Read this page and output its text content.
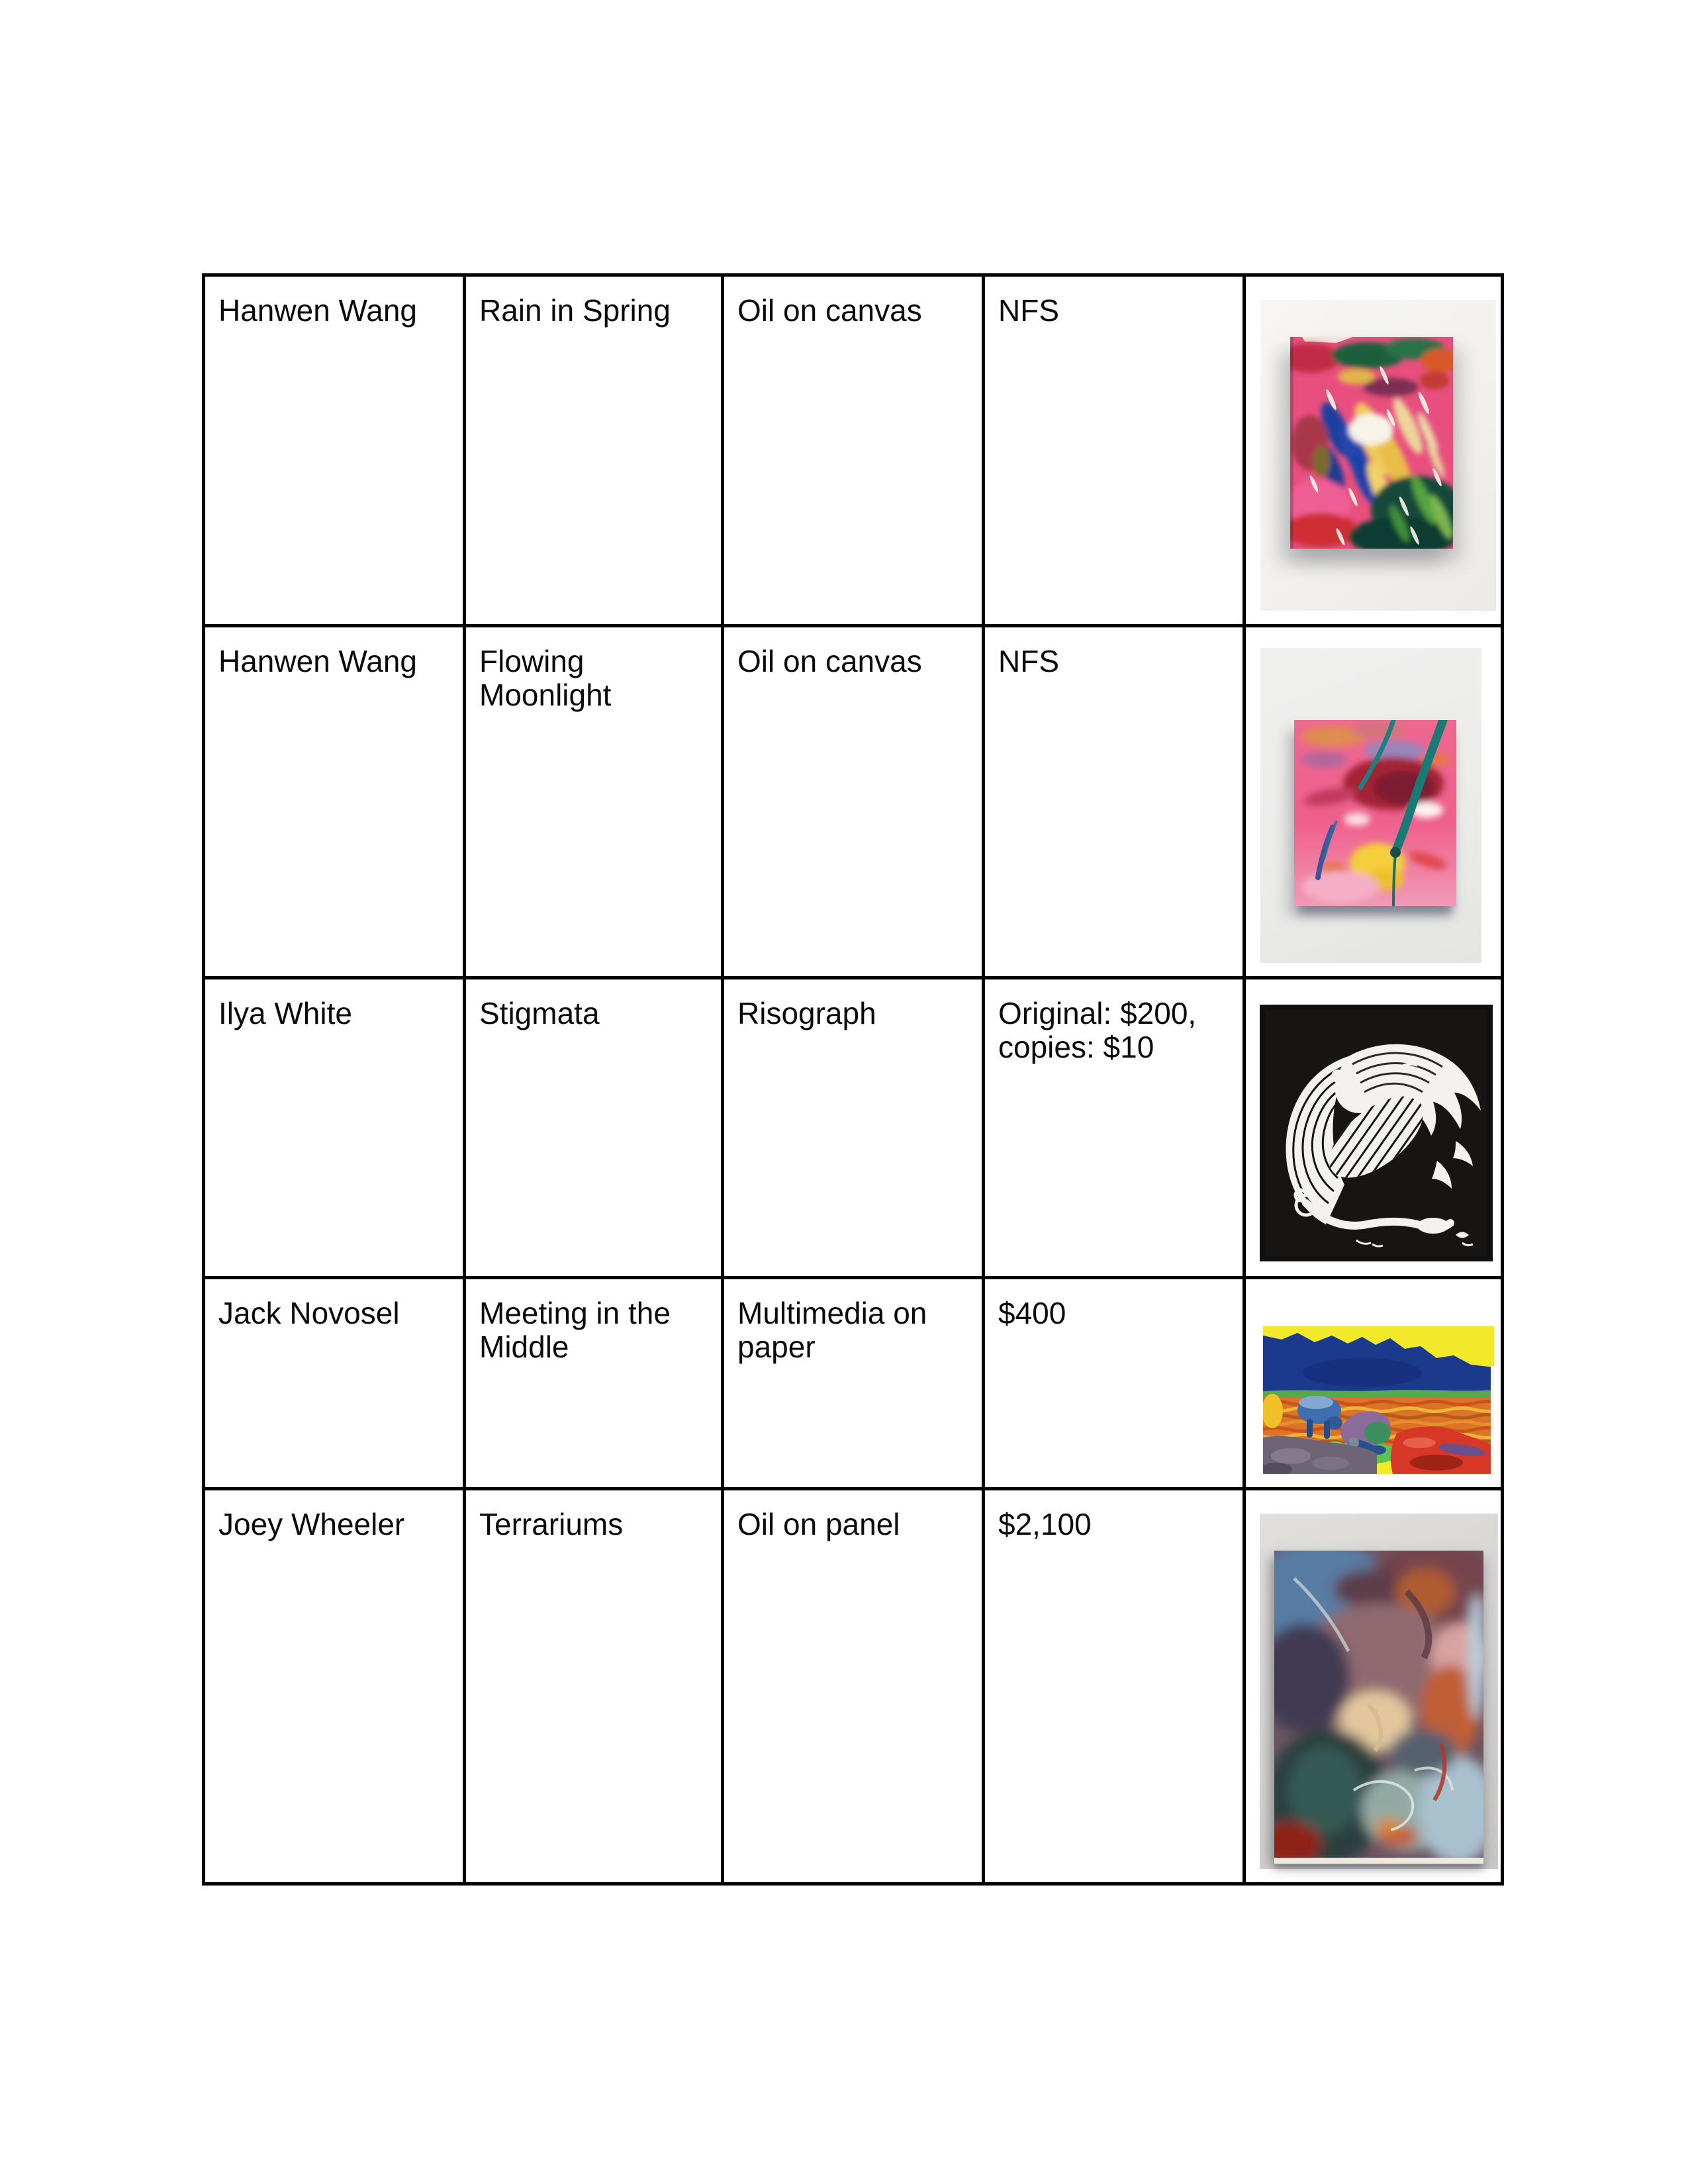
Hanwen Wang	Rain in Spring	Oil on canvas	NFS	

Hanwen Wang	Flowing Moonlight	Oil on canvas	NFS	

Ilya White	Stigmata	Risograph	Original: $200, copies: $10	

Jack Novosel	Meeting in the Middle	Multimedia on paper	$400	

Joey Wheeler	Terrariums	Oil on panel	$2,100	
